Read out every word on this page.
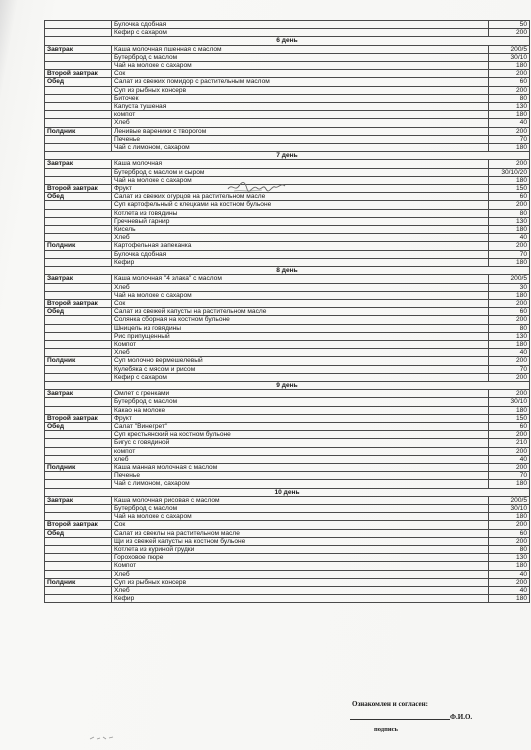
	Булочка сдобная	50
	Кефир с сахаром	200
6 день		
Завтрак	Каша молочная пшенная с маслом	200/5
	Бутерброд с маслом	30/10
	Чай на молоке с сахаром	180
Второй завтрак	Сок	200
Обед	Салат из свежих помидор с растительным маслом	60
	Суп из рыбных консерв	200
	Биточек	80
	Капуста тушеная	130
	компот	180
	Хлеб	40
Полдник	Ленивые вареники с творогом	200
	Печенье	70
	Чай с лимоном, сахаром	180
7 день		
Завтрак	Каша молочная	200
	Бутерброд с маслом и сыром	30/10/20
	Чай на молоке с сахаром	180
Второй завтрак	Фрукт	150
Обед	Салат из свежих огурцов на растительном масле	60
	Суп картофельный с клецками на костном бульоне	200
	Котлета из говядины	80
	Гречневый гарнир	130
	Кисель	180
	Хлеб	40
Полдник	Картофельная запеканка	200
	Булочка сдобная	70
	Кефир	180
8 день		
Завтрак	Каша молочная "4 злака" с маслом	200/5
	Хлеб	30
	Чай на молоке с сахаром	180
Второй завтрак	Сок	200
Обед	Салат из свежей капусты на растительном масле	60
	Солянка сборная на костном бульоне	200
	Шницель из говядины	80
	Рис припущенный	130
	Компот	180
	Хлеб	40
Полдник	Суп молочно вермешелевый	200
	Кулебяка с мясом и рисом	70
	Кефир с сахаром	200
9 день		
Завтрак	Омлет с гренками	200
	Бутерброд с маслом	30/10
	Какао на молоке	180
Второй завтрак	Фрукт	150
Обед	Салат "Винегрет"	60
	Суп крестьянский на костном бульоне	200
	Бигус с говядиной	210
	компот	200
	хлеб	40
Полдник	Каша манная молочная с маслом	200
	Печенье	70
	Чай с лимоном, сахаром	180
10 день		
Завтрак	Каша молочная рисовая с маслом	200/5
	Бутерброд с маслом	30/10
	Чай на молоке с сахаром	180
Второй завтрак	Сок	200
Обед	Салат из свеклы на растительном масле	60
	Щи из свежей капусты на костном бульоне	200
	Котлета из куриной грудки	80
	Гороховое пюре	130
	Компот	180
	Хлеб	40
Полдник	Суп из рыбных консерв	200
	Хлеб	40
	Кефир	180
Ознакомлен и согласен:
Ф.И.О.
подпись
